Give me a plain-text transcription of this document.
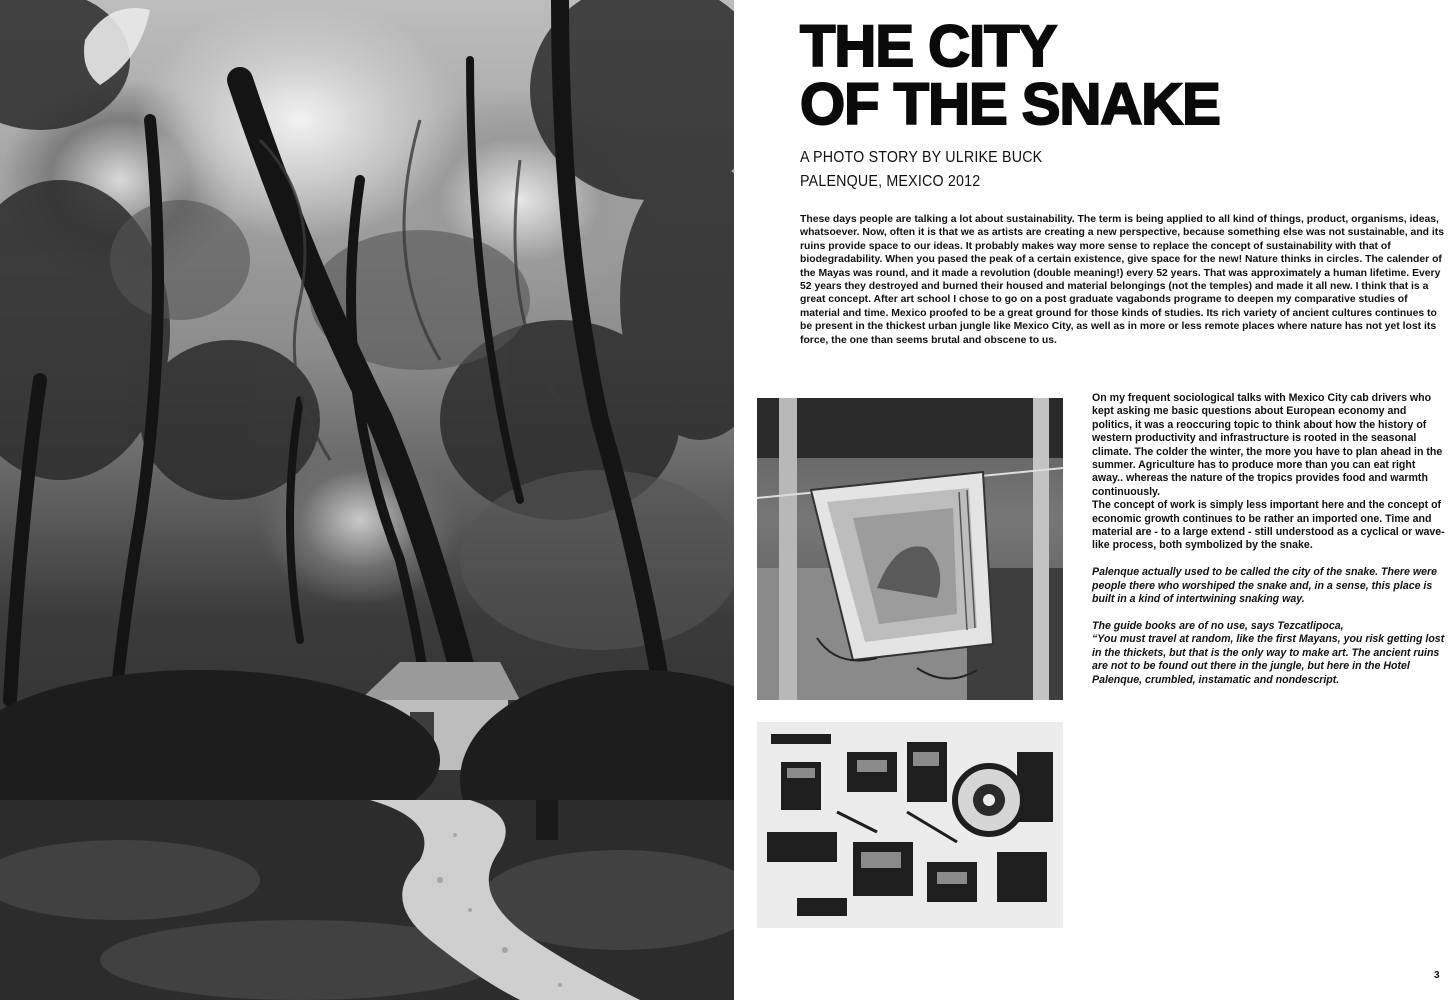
THE CITY
OF THE SNAKE
A PHOTO STORY BY ULRIKE BUCK
PALENQUE, MEXICO 2012

These days people are talking a lot about sustainability. The term is being applied to all kind of things, product, organisms, ideas, whatsoever. Now, often it is that we as artists are creating a new perspective, because something else was not sustainable, and its ruins provide space to our ideas. It probably makes way more sense to replace the concept of sustainability with that of biodegradability. When you pased the peak of a certain existence, give space for the new! Nature thinks in circles. The calender of the Mayas was round, and it made a revolution (double meaning!) every 52 years. That was approximately a human lifetime. Every 52 years they destroyed and burned their housed and material belongings (not the temples) and made it all new. I think that is a great concept. After art school I chose to go on a post graduate vagabonds programe to deepen my comparative studies of material and time. Mexico proofed to be a great ground for those kinds of studies. Its rich variety of ancient cultures continues to be present in the thickest urban jungle like Mexico City, as well as in more or less remote places where nature has not yet lost its force, the one than seems brutal and obscene to us.

On my frequent sociological talks with Mexico City cab drivers who kept asking me basic questions about European economy and politics, it was a reoccuring topic to think about how the history of western productivity and infrastructure is rooted in the seasonal climate. The colder the winter, the more you have to plan ahead in the summer. Agriculture has to produce more than you can eat right away.. whereas the nature of the tropics provides food and warmth continuously.

The concept of work is simply less important here and the concept of economic growth continues to be rather an imported one. Time and material are - to a large extend - still understood as a cyclical or wave-like process, both symbolized by the snake.

Palenque actually used to be called the city of the snake. There were people there who worshiped the snake and, in a sense, this place is built in a kind of intertwining snaking way.

The guide books are of no use, says Tezcatlipoca,

“You must travel at random, like the first Mayans, you risk getting lost in the thickets, but that is the only way to make art. The ancient ruins are not to be found out there in the jungle, but here in the Hotel Palenque, crumbled, instamatic and nondescript.

3
